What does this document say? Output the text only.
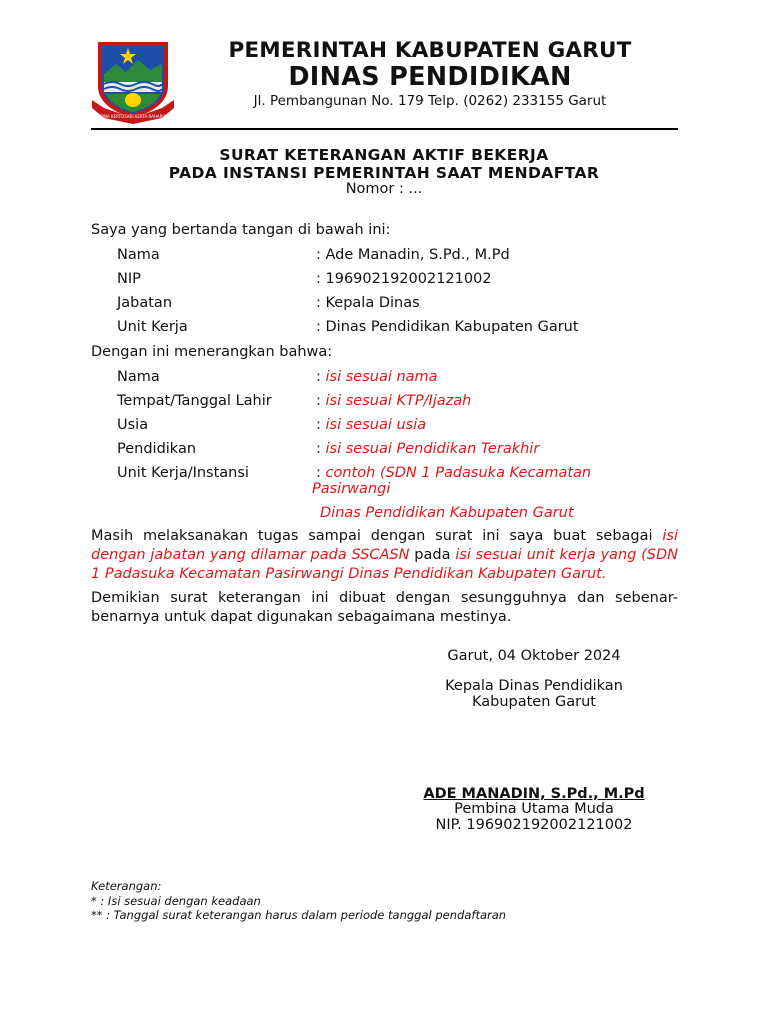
DINA KERTOSARI KERTA RAHARJA
PEMERINTAH KABUPATEN GARUT
DINAS PENDIDIKAN
Jl. Pembangunan No. 179 Telp. (0262) 233155 Garut
SURAT KETERANGAN AKTIF BEKERJA
PADA INSTANSI PEMERINTAH SAAT MENDAFTAR
Nomor : ...
Saya yang bertanda tangan di bawah ini:
Nama	: Ade Manadin, S.Pd., M.Pd
NIP	: 196902192002121002
Jabatan	: Kepala Dinas
Unit Kerja	: Dinas Pendidikan Kabupaten Garut
Dengan ini menerangkan bahwa:
Nama	: isi sesuai nama
Tempat/Tanggal Lahir	: isi sesuai KTP/Ijazah
Usia	: isi sesuai usia
Pendidikan	: isi sesuai Pendidikan Terakhir
Unit Kerja/Instansi	: contoh (SDN 1 Padasuka Kecamatan
Pasirwangi
Dinas Pendidikan Kabupaten Garut
Masih melaksanakan tugas sampai dengan surat ini saya buat sebagai isi dengan jabatan yang dilamar pada SSCASN pada isi sesuai unit kerja yang (SDN 1 Padasuka Kecamatan Pasirwangi Dinas Pendidikan Kabupaten Garut.
Demikian surat keterangan ini dibuat dengan sesungguhnya dan sebenar-benarnya untuk dapat digunakan sebagaimana mestinya.
Garut, 04 Oktober 2024
Kepala Dinas Pendidikan
Kabupaten Garut
ADE MANADIN, S.Pd., M.Pd
Pembina Utama Muda
NIP. 196902192002121002
Keterangan:
* : Isi sesuai dengan keadaan
** : Tanggal surat keterangan harus dalam periode tanggal pendaftaran
